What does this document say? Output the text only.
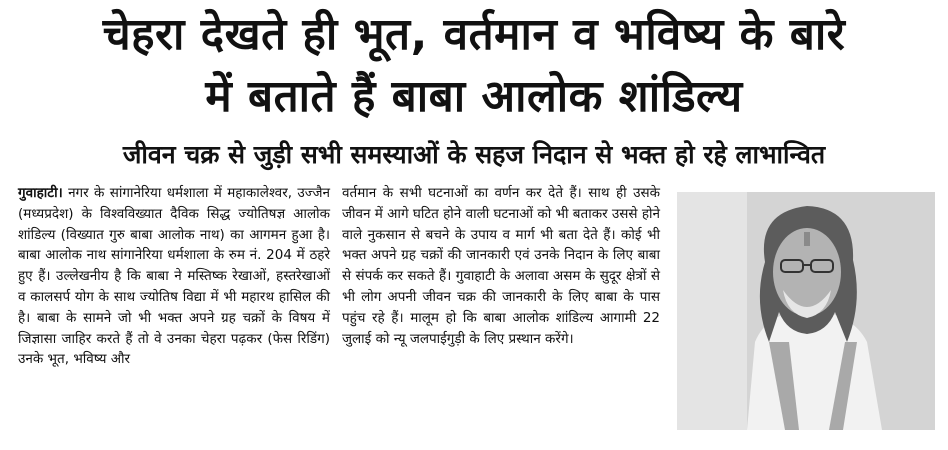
चेहरा देखते ही भूत, वर्तमान व भविष्य के बारे
में बताते हैं बाबा आलोक शांडिल्य
जीवन चक्र से जुड़ी सभी समस्याओं के सहज निदान से भक्त हो रहे लाभान्वित

गुवाहाटी। नगर के सांगानेरिया धर्मशाला में महाकालेश्वर, उज्जैन (मध्यप्रदेश) के विश्वविख्यात दैविक सिद्ध ज्योतिषज्ञ आलोक शांडिल्य (विख्यात गुरु बाबा आलोक नाथ) का आगमन हुआ है। बाबा आलोक नाथ सांगानेरिया धर्मशाला के रुम नं. 204 में ठहरे हुए हैं। उल्लेखनीय है कि बाबा ने मस्तिष्क रेखाओं, हस्तरेखाओं व कालसर्प योग के साथ ज्योतिष विद्या में भी महारथ हासिल की है। बाबा के सामने जो भी भक्त अपने ग्रह चक्रों के विषय में जिज्ञासा जाहिर करते हैं तो वे उनका चेहरा पढ़कर (फेस रिडिंग) उनके भूत, भविष्य और

वर्तमान के सभी घटनाओं का वर्णन कर देते हैं। साथ ही उसके जीवन में आगे घटित होने वाली घटनाओं को भी बताकर उससे होने वाले नुकसान से बचने के उपाय व मार्ग भी बता देते हैं। कोई भी भक्त अपने ग्रह चक्रों की जानकारी एवं उनके निदान के लिए बाबा से संपर्क कर सकते हैं। गुवाहाटी के अलावा असम के सुदूर क्षेत्रों से भी लोग अपनी जीवन चक्र की जानकारी के लिए बाबा के पास पहुंच रहे हैं। मालूम हो कि बाबा आलोक शांडिल्य आगामी 22 जुलाई को न्यू जलपाईगुड़ी के लिए प्रस्थान करेंगे।
